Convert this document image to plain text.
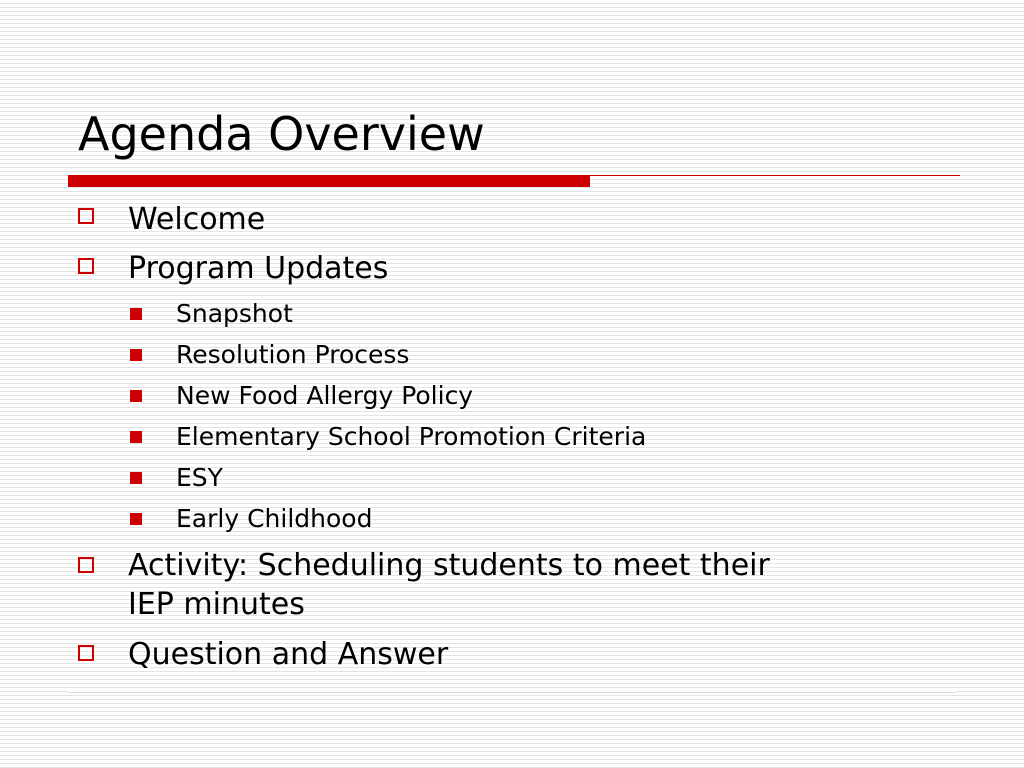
Agenda Overview
Welcome
Program Updates
Snapshot
Resolution Process
New Food Allergy Policy
Elementary School Promotion Criteria
ESY
Early Childhood
Activity: Scheduling students to meet their
IEP minutes
Question and Answer
